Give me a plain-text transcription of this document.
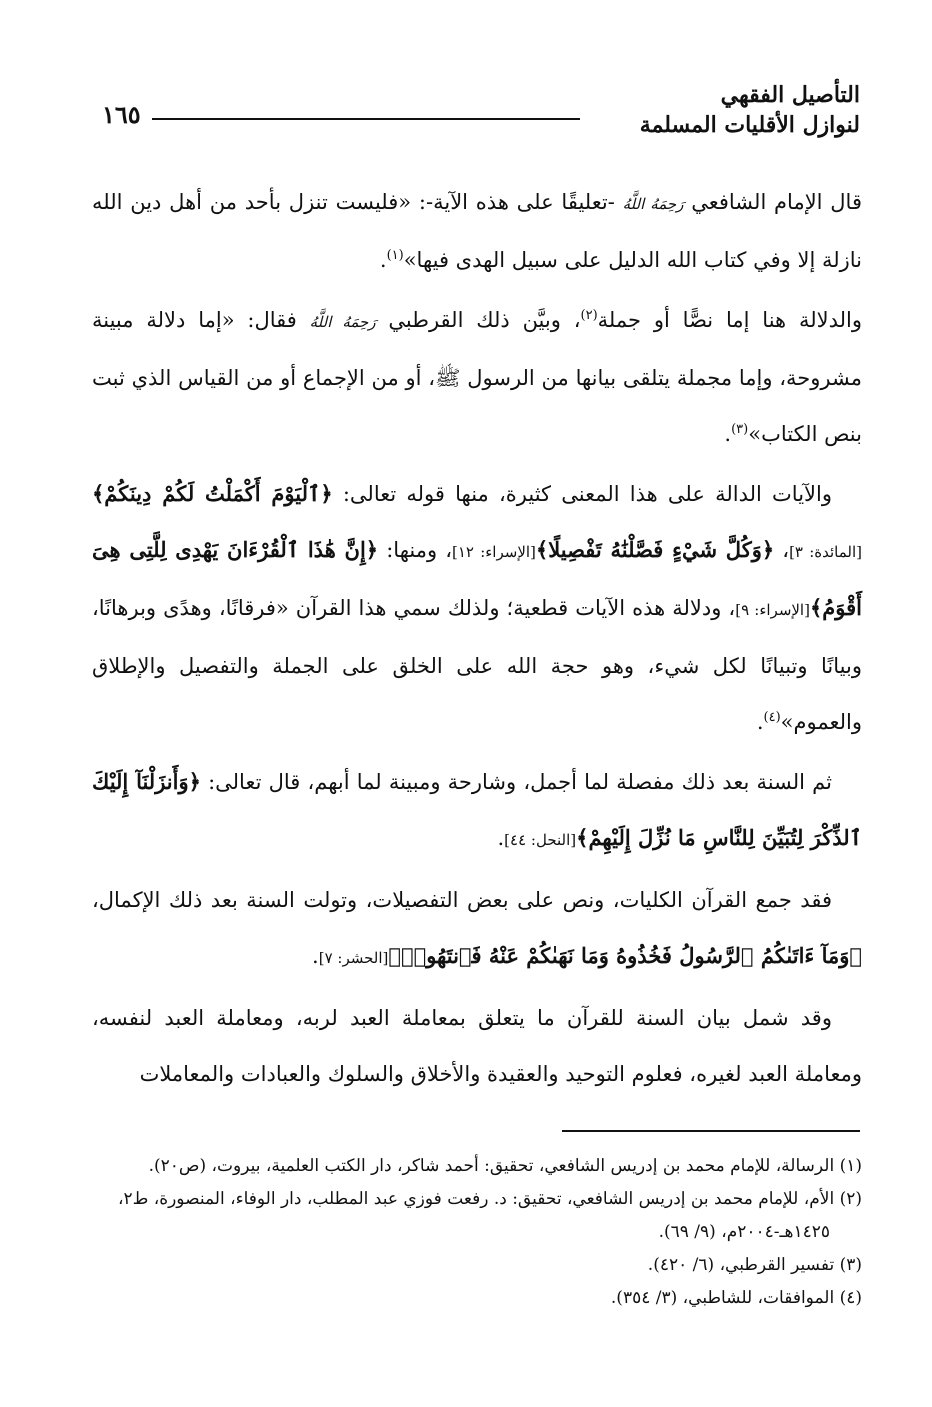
١٦٥
التأصيل الفقهي
لنوازل الأقليات المسلمة

قال الإمام الشافعي رَحِمَهُ اللَّهُ -تعليقًا على هذه الآية-: «فليست تنزل بأحد من أهل دين الله نازلة إلا وفي كتاب الله الدليل على سبيل الهدى فيها»$^{(١)}$.

والدلالة هنا إما نصًّا أو جملة$^{(٢)}$، وبيَّن ذلك القرطبي رَحِمَهُ اللَّهُ فقال: «إما دلالة مبينة مشروحة، وإما مجملة يتلقى بيانها من الرسول ﷺ، أو من الإجماع أو من القياس الذي ثبت بنص الكتاب»$^{(٣)}$.

والآيات الدالة على هذا المعنى كثيرة، منها قوله تعالى: ﴿ٱلْيَوْمَ أَكْمَلْتُ لَكُمْ دِينَكُمْ﴾[المائدة: ٣]، ﴿وَكُلَّ شَيْءٍ فَصَّلْنَٰهُ تَفْصِيلًا﴾[الإسراء: ١٢]، ومنها: ﴿إِنَّ هَٰذَا ٱلْقُرْءَانَ يَهْدِى لِلَّتِى هِىَ أَقْوَمُ﴾[الإسراء: ٩]، ودلالة هذه الآيات قطعية؛ ولذلك سمي هذا القرآن «فرقانًا، وهدًى وبرهانًا، وبيانًا وتبيانًا لكل شيء، وهو حجة الله على الخلق على الجملة والتفصيل والإطلاق والعموم»$^{(٤)}$.

ثم السنة بعد ذلك مفصلة لما أجمل، وشارحة ومبينة لما أبهم، قال تعالى: ﴿وَأَنزَلْنَآ إِلَيْكَ ٱلذِّكْرَ لِتُبَيِّنَ لِلنَّاسِ مَا نُزِّلَ إِلَيْهِمْ﴾[النحل: ٤٤].

فقد جمع القرآن الكليات، ونص على بعض التفصيلات، وتولت السنة بعد ذلك الإكمال، ﴿وَمَآ ءَاتَىٰكُمُ ٱلرَّسُولُ فَخُذُوهُ وَمَا نَهَىٰكُمْ عَنْهُ فَٱنتَهُوا۟﴾[الحشر: ٧].

وقد شمل بيان السنة للقرآن ما يتعلق بمعاملة العبد لربه، ومعاملة العبد لنفسه، ومعاملة العبد لغيره، فعلوم التوحيد والعقيدة والأخلاق والسلوك والعبادات والمعاملات

(١) الرسالة، للإمام محمد بن إدريس الشافعي، تحقيق: أحمد شاكر، دار الكتب العلمية، بيروت، (ص٢٠).

(٢) الأم، للإمام محمد بن إدريس الشافعي، تحقيق: د. رفعت فوزي عبد المطلب، دار الوفاء، المنصورة، ط٢،

١٤٢٥هـ-٢٠٠٤م، (٩/ ٦٩).

(٣) تفسير القرطبي، (٦/ ٤٢٠).

(٤) الموافقات، للشاطبي، (٣/ ٣٥٤).
